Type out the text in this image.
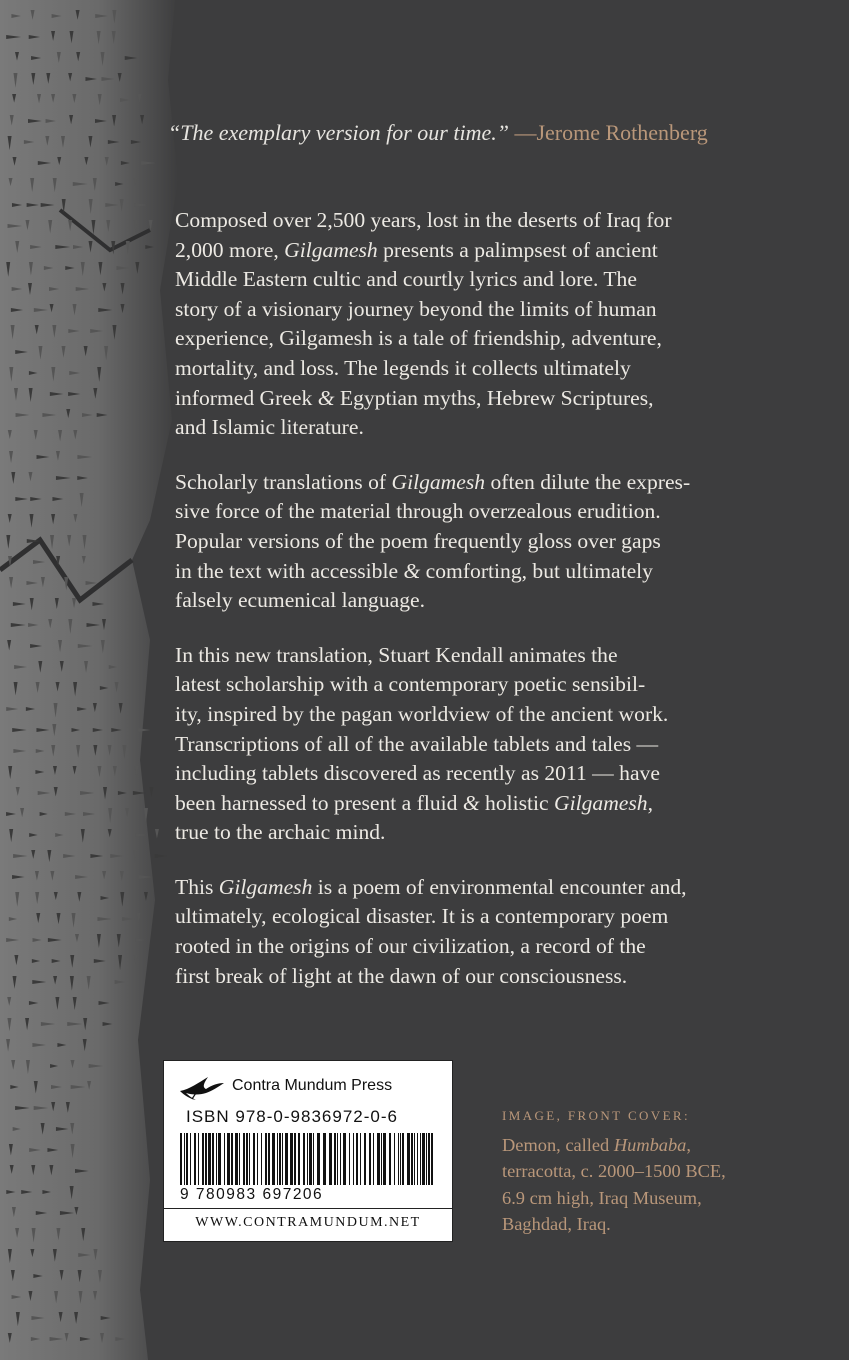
“The exemplary version for our time.” —Jerome Rothenberg

Composed over 2,500 years, lost in the deserts of Iraq for
2,000 more, Gilgamesh presents a palimpsest of ancient
Middle Eastern cultic and courtly lyrics and lore. The
story of a visionary journey beyond the limits of human
experience, Gilgamesh is a tale of friendship, adventure,
mortality, and loss. The legends it collects ultimately
informed Greek & Egyptian myths, Hebrew Scriptures,
and Islamic literature.

Scholarly translations of Gilgamesh often dilute the expres-
sive force of the material through overzealous erudition.
Popular versions of the poem frequently gloss over gaps
in the text with accessible & comforting, but ultimately
falsely ecumenical language.

In this new translation, Stuart Kendall animates the
latest scholarship with a contemporary poetic sensibil-
ity, inspired by the pagan worldview of the ancient work.
Transcriptions of all of the available tablets and tales —
including tablets discovered as recently as 2011 — have
been harnessed to present a fluid & holistic Gilgamesh,
true to the archaic mind.

This Gilgamesh is a poem of environmental encounter and,
ultimately, ecological disaster. It is a contemporary poem
rooted in the origins of our civilization, a record of the
first break of light at the dawn of our consciousness.

Contra Mundum Press
ISBN 978-0-9836972-0-6
9 780983 697206
WWW.CONTRAMUNDUM.NET
IMAGE, FRONT COVER:
Demon, called Humbaba,
terracotta, c. 2000–1500 BCE,
6.9 cm high, Iraq Museum,
Baghdad, Iraq.
